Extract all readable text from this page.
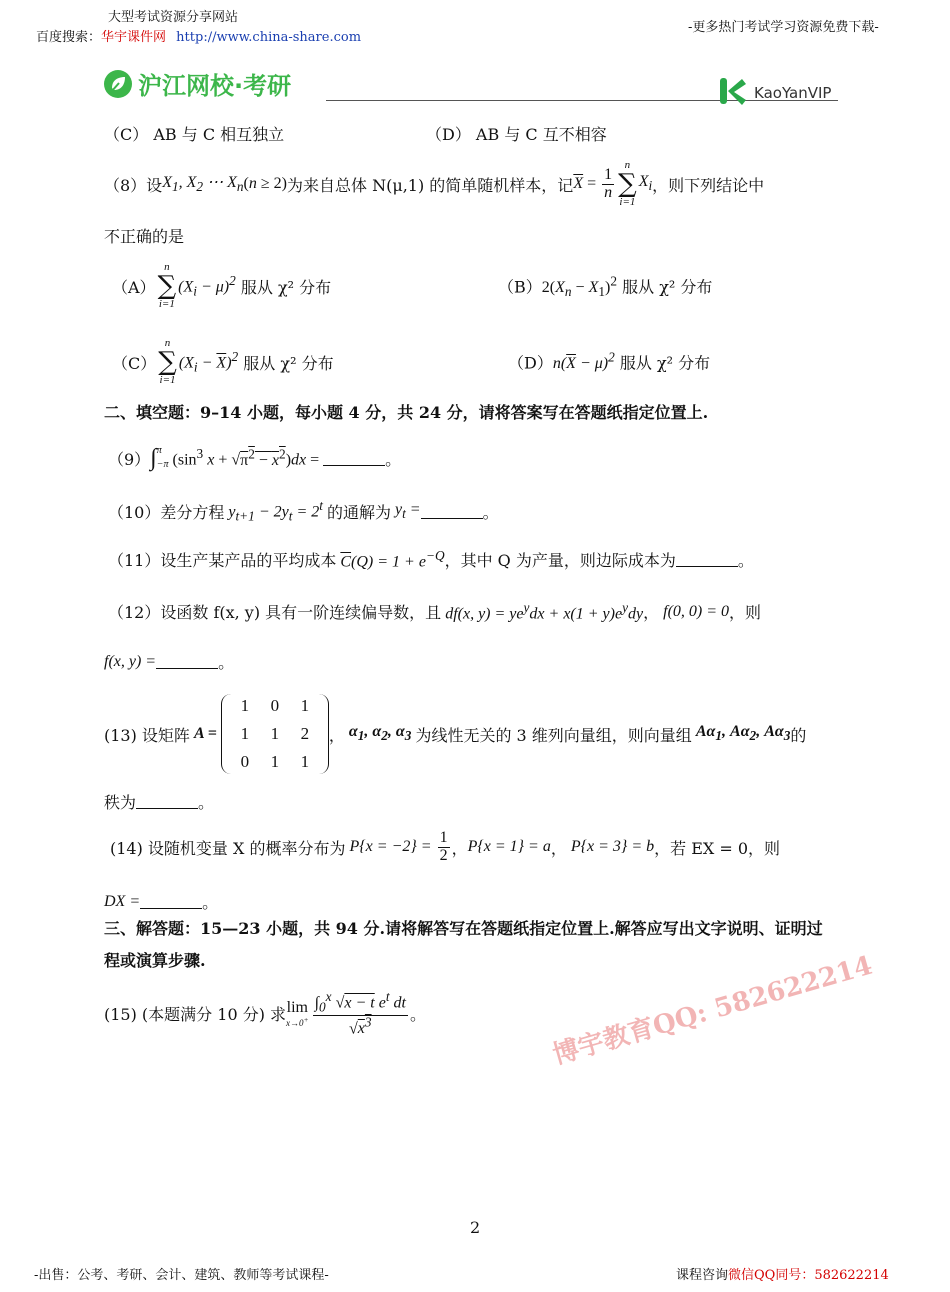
大型考试资源分享网站
百度搜索：华宇课件网 http://www.china-share.com
-更多热门考试学习资源免费下载-
沪江网校·考研	KaoYanVIP
（C） AB 与 C 相互独立	（D） AB 与 C 互不相容
（8）设 $X_1$, $X_2$ ⋯ $X_n$ (n ≥ 2) 为来自总体 N(μ,1) 的简单随机样本，记 $\overline{X} = \frac{1}{n}$
n
∑
i=1
$X_i$ ，则下列结论中
不正确的是
（A）
n
∑
i=1
$(X_i - \mu)^2$
服从 χ² 分布	$(B)2(X_n - X_1)^2$ 服从 χ² 分布
（C）
n
∑
i=1
$(X_i - \overline{X})^2$
服从 χ² 分布	$(D)n(\overline{X} - \mu)^2$ 服从 χ² 分布
二、填空题：9–14 小题，每小题 4 分，共 24 分，请将答案写在答题纸指定位置上.
（9） ∫ π
−π ($\sin^3$ $x + √\pi^2 - x^2)dx$ =	。
（10）差分方程 $y_{t+1} - 2y_t = 2^t$ 的通解为 $y_t$ =	。
（11）设生产某产品的平均成本 $\overline{C}(Q) = 1 + e^{-Q}$ ，其中 Q 为产量，则边际成本为	。
（12）设函数 f(x, y) 具有一阶连续偏导数，且 df(x, $y) = ye^ydx + x(1 + y)e^ydy$ ， f(0, 0) = 0 ，则
f(x, y) =	。
(13) 设矩阵 A =
1	0	1
1	1	2
0	1	1
， $\alpha_1$, $\alpha_2$, $\alpha_3$ 为线性无关的 3 维列向量组，则向量组 $A\alpha_1$, $A\alpha_2$, $A\alpha_3$ 的
秩为	。
(14) 设随机变量 X 的概率分布为 $P\{x = -2\} = \frac{1}{2}$ ， P{x = 1} = a ， P{x = 3} = b ，若 EX = 0，则
DX =	。
三、解答题：15—23 小题，共 94 分.请将解答写在答题纸指定位置上.解答应写出文字说明、证明过
程或演算步骤.
(15) (本题满分 10 分) 求 lim
$x\to 0^+ \frac{\int_0^x √x - t e^t dt}{√x^3}$ 。	博宇教育QQ: 582622214
2
-出售：公考、考研、会计、建筑、教师等考试课程-	课程咨询微信QQ同号：582622214
